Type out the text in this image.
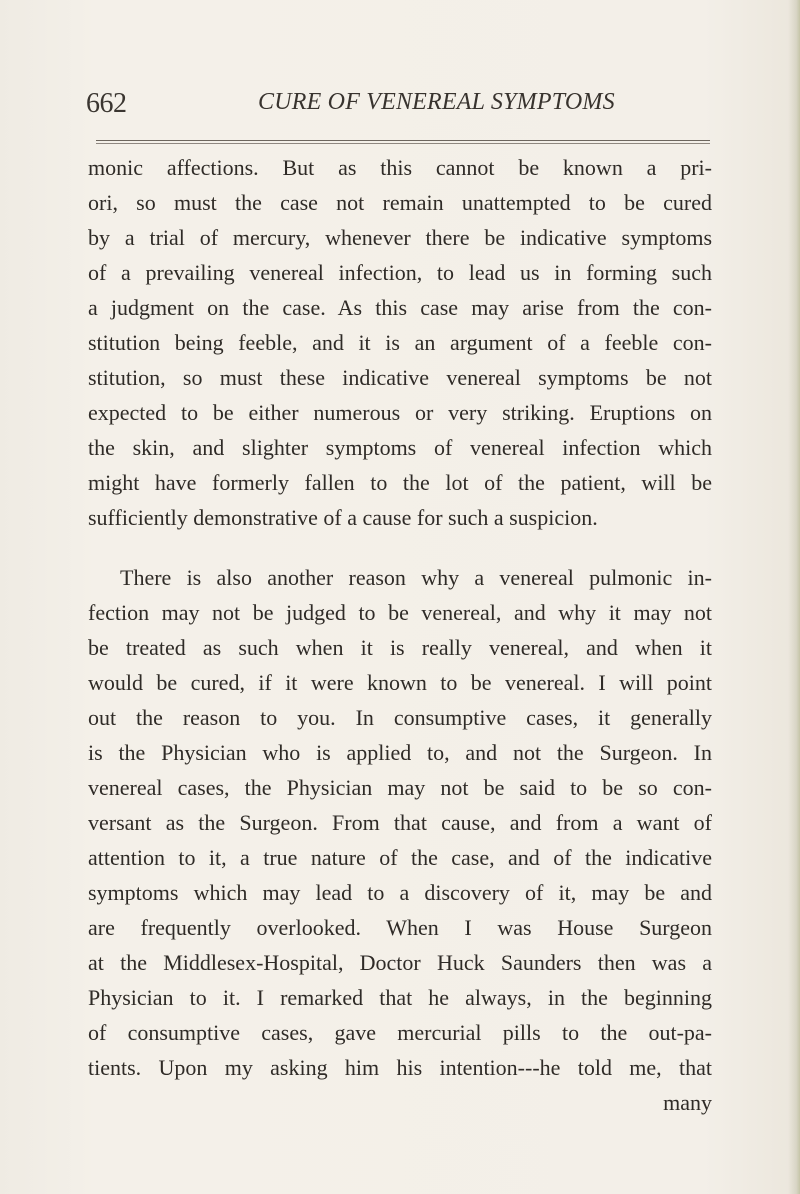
662	CURE OF VENEREAL SYMPTOMS
monic affections. But as this cannot be known a pri-
ori, so must the case not remain unattempted to be cured
by a trial of mercury, whenever there be indicative symptoms
of a prevailing venereal infection, to lead us in forming such
a judgment on the case. As this case may arise from the con-
stitution being feeble, and it is an argument of a feeble con-
stitution, so must these indicative venereal symptoms be not
expected to be either numerous or very striking. Eruptions on
the skin, and slighter symptoms of venereal infection which
might have formerly fallen to the lot of the patient, will be
sufficiently demonstrative of a cause for such a suspicion.
There is also another reason why a venereal pulmonic in-
fection may not be judged to be venereal, and why it may not
be treated as such when it is really venereal, and when it
would be cured, if it were known to be venereal. I will point
out the reason to you. In consumptive cases, it generally
is the Physician who is applied to, and not the Surgeon. In
venereal cases, the Physician may not be said to be so con-
versant as the Surgeon. From that cause, and from a want of
attention to it, a true nature of the case, and of the indicative
symptoms which may lead to a discovery of it, may be and
are frequently overlooked. When I was House Surgeon
at the Middlesex-Hospital, Doctor Huck Saunders then was a
Physician to it. I remarked that he always, in the beginning
of consumptive cases, gave mercurial pills to the out-pa-
tients. Upon my asking him his intention---he told me, that
many
